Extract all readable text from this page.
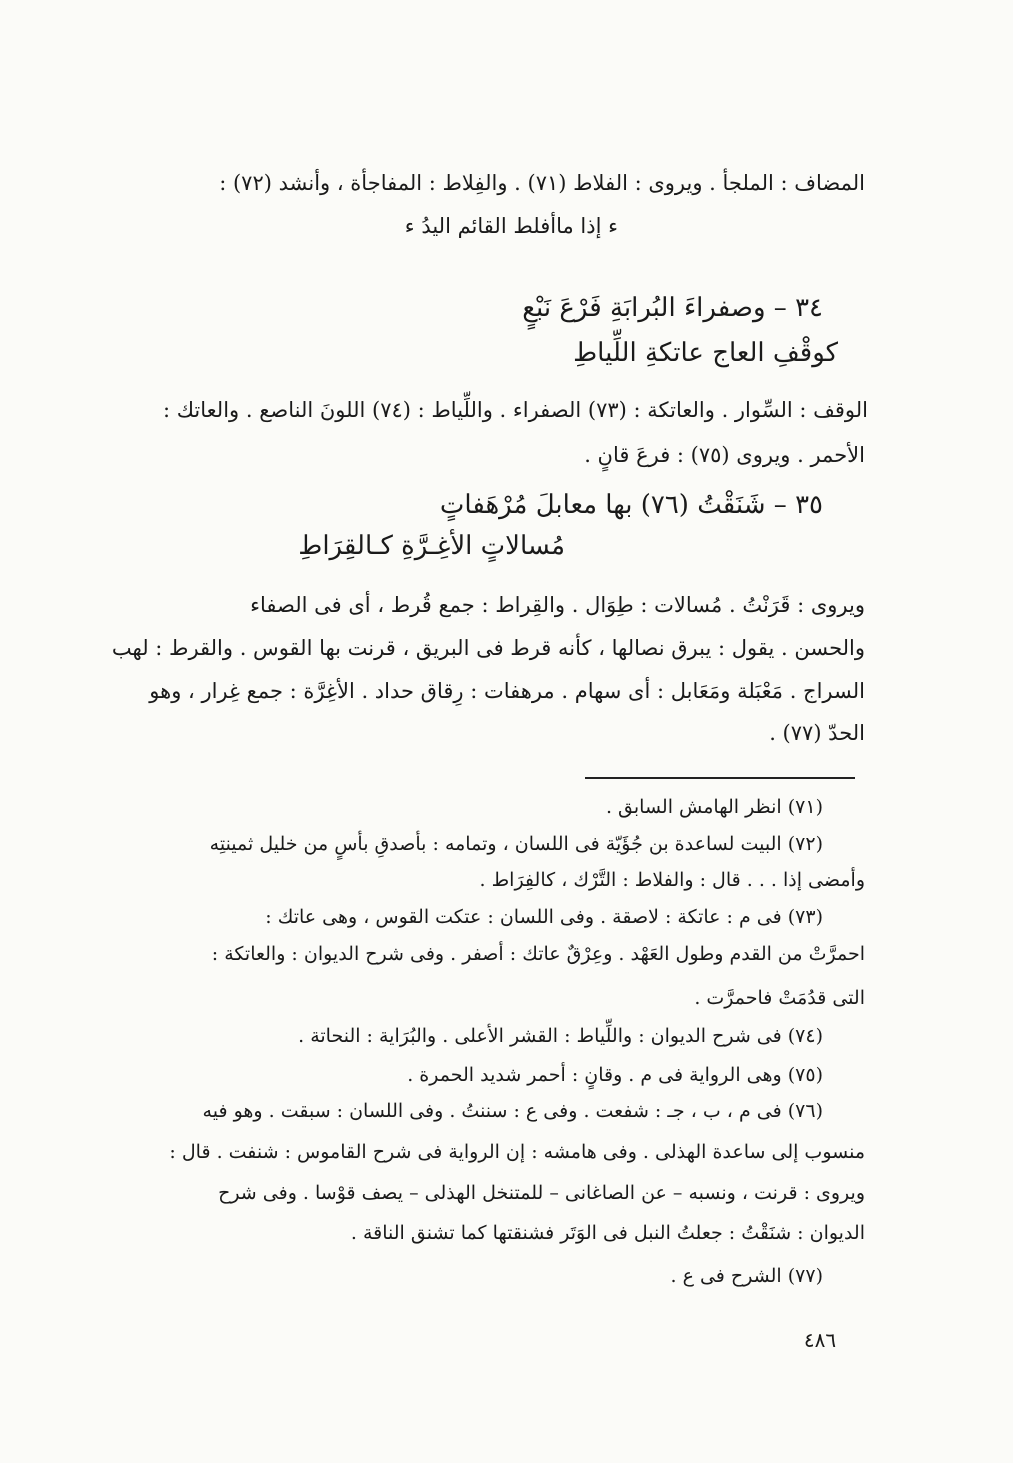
المضاف : الملجأ . ويروى : الفلاط (٧١) . والفِلاط : المفاجأة ، وأنشد (٧٢) :
ء إذا ماأفلط القائم اليدُ ء
٣٤ – وصفراءَ البُرابَةِ فَرْعَ نَبْعٍ
كوقْفِ العاج عاتكةِ اللِّياطِ
الوقف : السِّوار . والعاتكة : (٧٣) الصفراء . واللِّياط : (٧٤) اللونَ الناصع . والعاتك :
الأحمر . ويروى (٧٥) : فرعَ قانٍ .
٣٥ – شَنَقْتُ (٧٦) بها معابلَ مُرْهَفاتٍ
مُسالاتٍ الأغِـرَّةِ كـالقِرَاطِ
ويروى : قَرَنْتُ . مُسالات : طِوَال . والقِراط : جمع قُرط ، أى فى الصفاء
والحسن . يقول : يبرق نصالها ، كأنه قرط فى البريق ، قرنت بها القوس . والقرط : لهب
السراج . مَعْبَلة ومَعَابل : أى سهام . مرهفات : رِقاق حداد . الأغِرَّة : جمع غِرار ، وهو
الحدّ (٧٧) .
(٧١) انظر الهامش السابق .
(٧٢) البيت لساعدة بن جُؤَيّة فى اللسان ، وتمامه : بأصدقِ بأسٍ من خليل ثمينتِه
وأمضى إذا . . . قال : والفلاط : التَّرْك ، كالفِرَاط .
(٧٣) فى م : عاتكة : لاصقة . وفى اللسان : عتكت القوس ، وهى عاتك :
احمرَّتْ من القدم وطول العَهْد . وعِرْقٌ عاتك : أصفر . وفى شرح الديوان : والعاتكة :
التى قدُمَتْ فاحمرَّت .
(٧٤) فى شرح الديوان : واللِّياط : القشر الأعلى . والبُرَاية : النحاتة .
(٧٥) وهى الرواية فى م . وقانٍ : أحمر شديد الحمرة .
(٧٦) فى م ، ب ، جـ : شفعت . وفى ع : سننتُ . وفى اللسان : سبقت . وهو فيه
منسوب إلى ساعدة الهذلى . وفى هامشه : إن الرواية فى شرح القاموس : شنفت . قال :
ويروى : قرنت ، ونسبه – عن الصاغانى – للمتنخل الهذلى – يصف قوْسا . وفى شرح
الديوان : شنَقْتُ : جعلتُ النبل فى الوَتَر فشنقتها كما تشنق الناقة .
(٧٧) الشرح فى ع .
٤٨٦
